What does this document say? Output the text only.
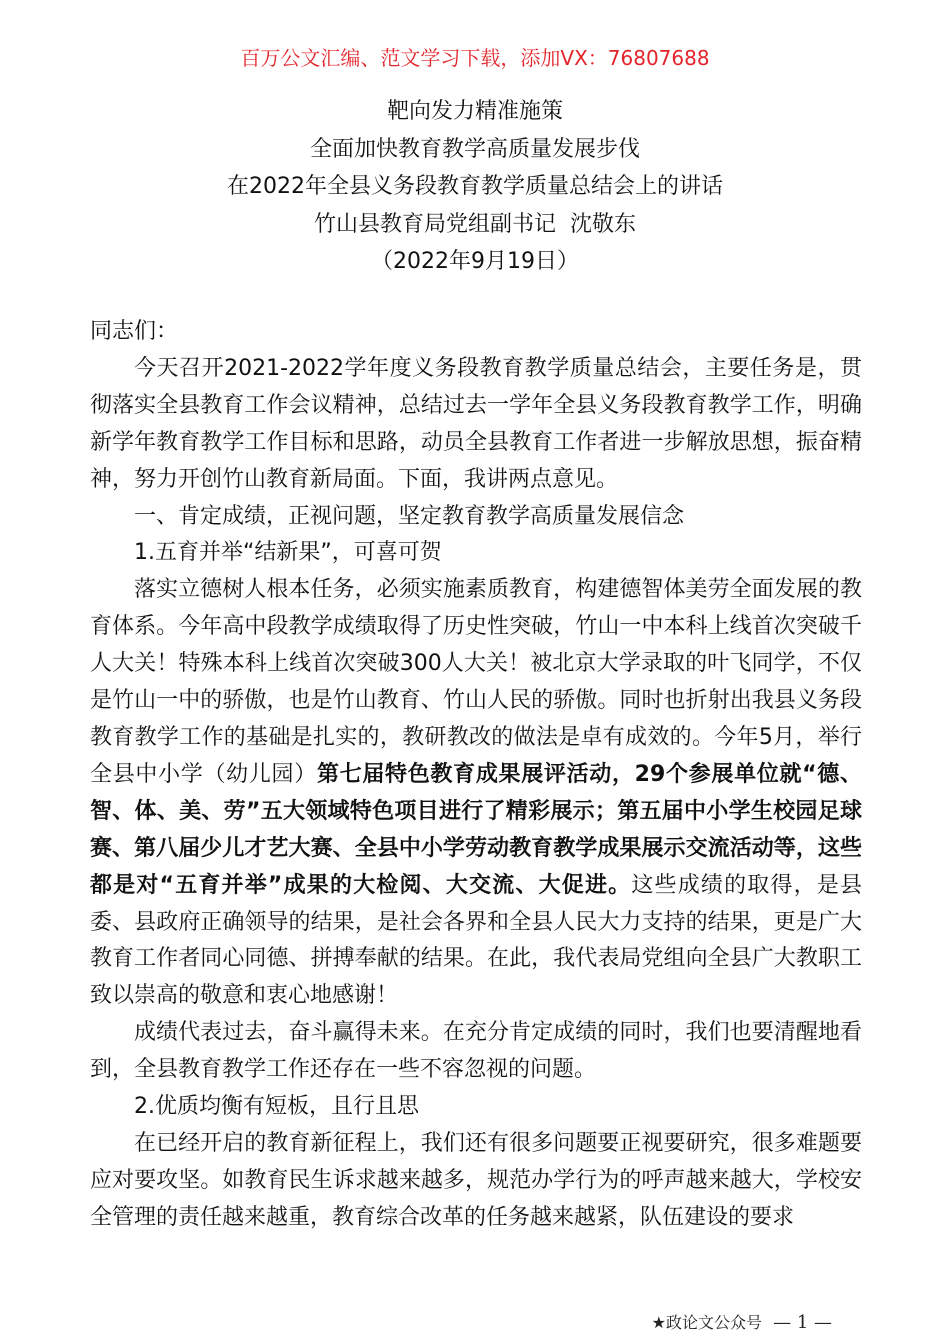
百万公文汇编、范文学习下载，添加VX：76807688
靶向发力精准施策
全面加快教育教学高质量发展步伐
在2022年全县义务段教育教学质量总结会上的讲话
竹山县教育局党组副书记  沈敬东
（2022年9月19日）

同志们：

今天召开2021-2022学年度义务段教育教学质量总结会，主要任务是，贯彻落实全县教育工作会议精神，总结过去一学年全县义务段教育教学工作，明确新学年教育教学工作目标和思路，动员全县教育工作者进一步解放思想，振奋精神，努力开创竹山教育新局面。下面，我讲两点意见。

一、肯定成绩，正视问题，坚定教育教学高质量发展信念

1.五育并举“结新果”，可喜可贺

落实立德树人根本任务，必须实施素质教育，构建德智体美劳全面发展的教育体系。今年高中段教学成绩取得了历史性突破，竹山一中本科上线首次突破千人大关！特殊本科上线首次突破300人大关！被北京大学录取的叶飞同学，不仅是竹山一中的骄傲，也是竹山教育、竹山人民的骄傲。同时也折射出我县义务段教育教学工作的基础是扎实的，教研教改的做法是卓有成效的。今年5月，举行全县中小学（幼儿园）第七届特色教育成果展评活动，29个参展单位就“德、智、体、美、劳”五大领域特色项目进行了精彩展示；第五届中小学生校园足球赛、第八届少儿才艺大赛、全县中小学劳动教育教学成果展示交流活动等，这些都是对“五育并举”成果的大检阅、大交流、大促进。这些成绩的取得，是县委、县政府正确领导的结果，是社会各界和全县人民大力支持的结果，更是广大教育工作者同心同德、拼搏奉献的结果。在此，我代表局党组向全县广大教职工致以崇高的敬意和衷心地感谢！

成绩代表过去，奋斗赢得未来。在充分肯定成绩的同时，我们也要清醒地看到，全县教育教学工作还存在一些不容忽视的问题。

2.优质均衡有短板，且行且思

在已经开启的教育新征程上，我们还有很多问题要正视要研究，很多难题要应对要攻坚。如教育民生诉求越来越多，规范办学行为的呼声越来越大，学校安全管理的责任越来越重，教育综合改革的任务越来越紧，队伍建设的要求

★政论文公众号 — 1 —
